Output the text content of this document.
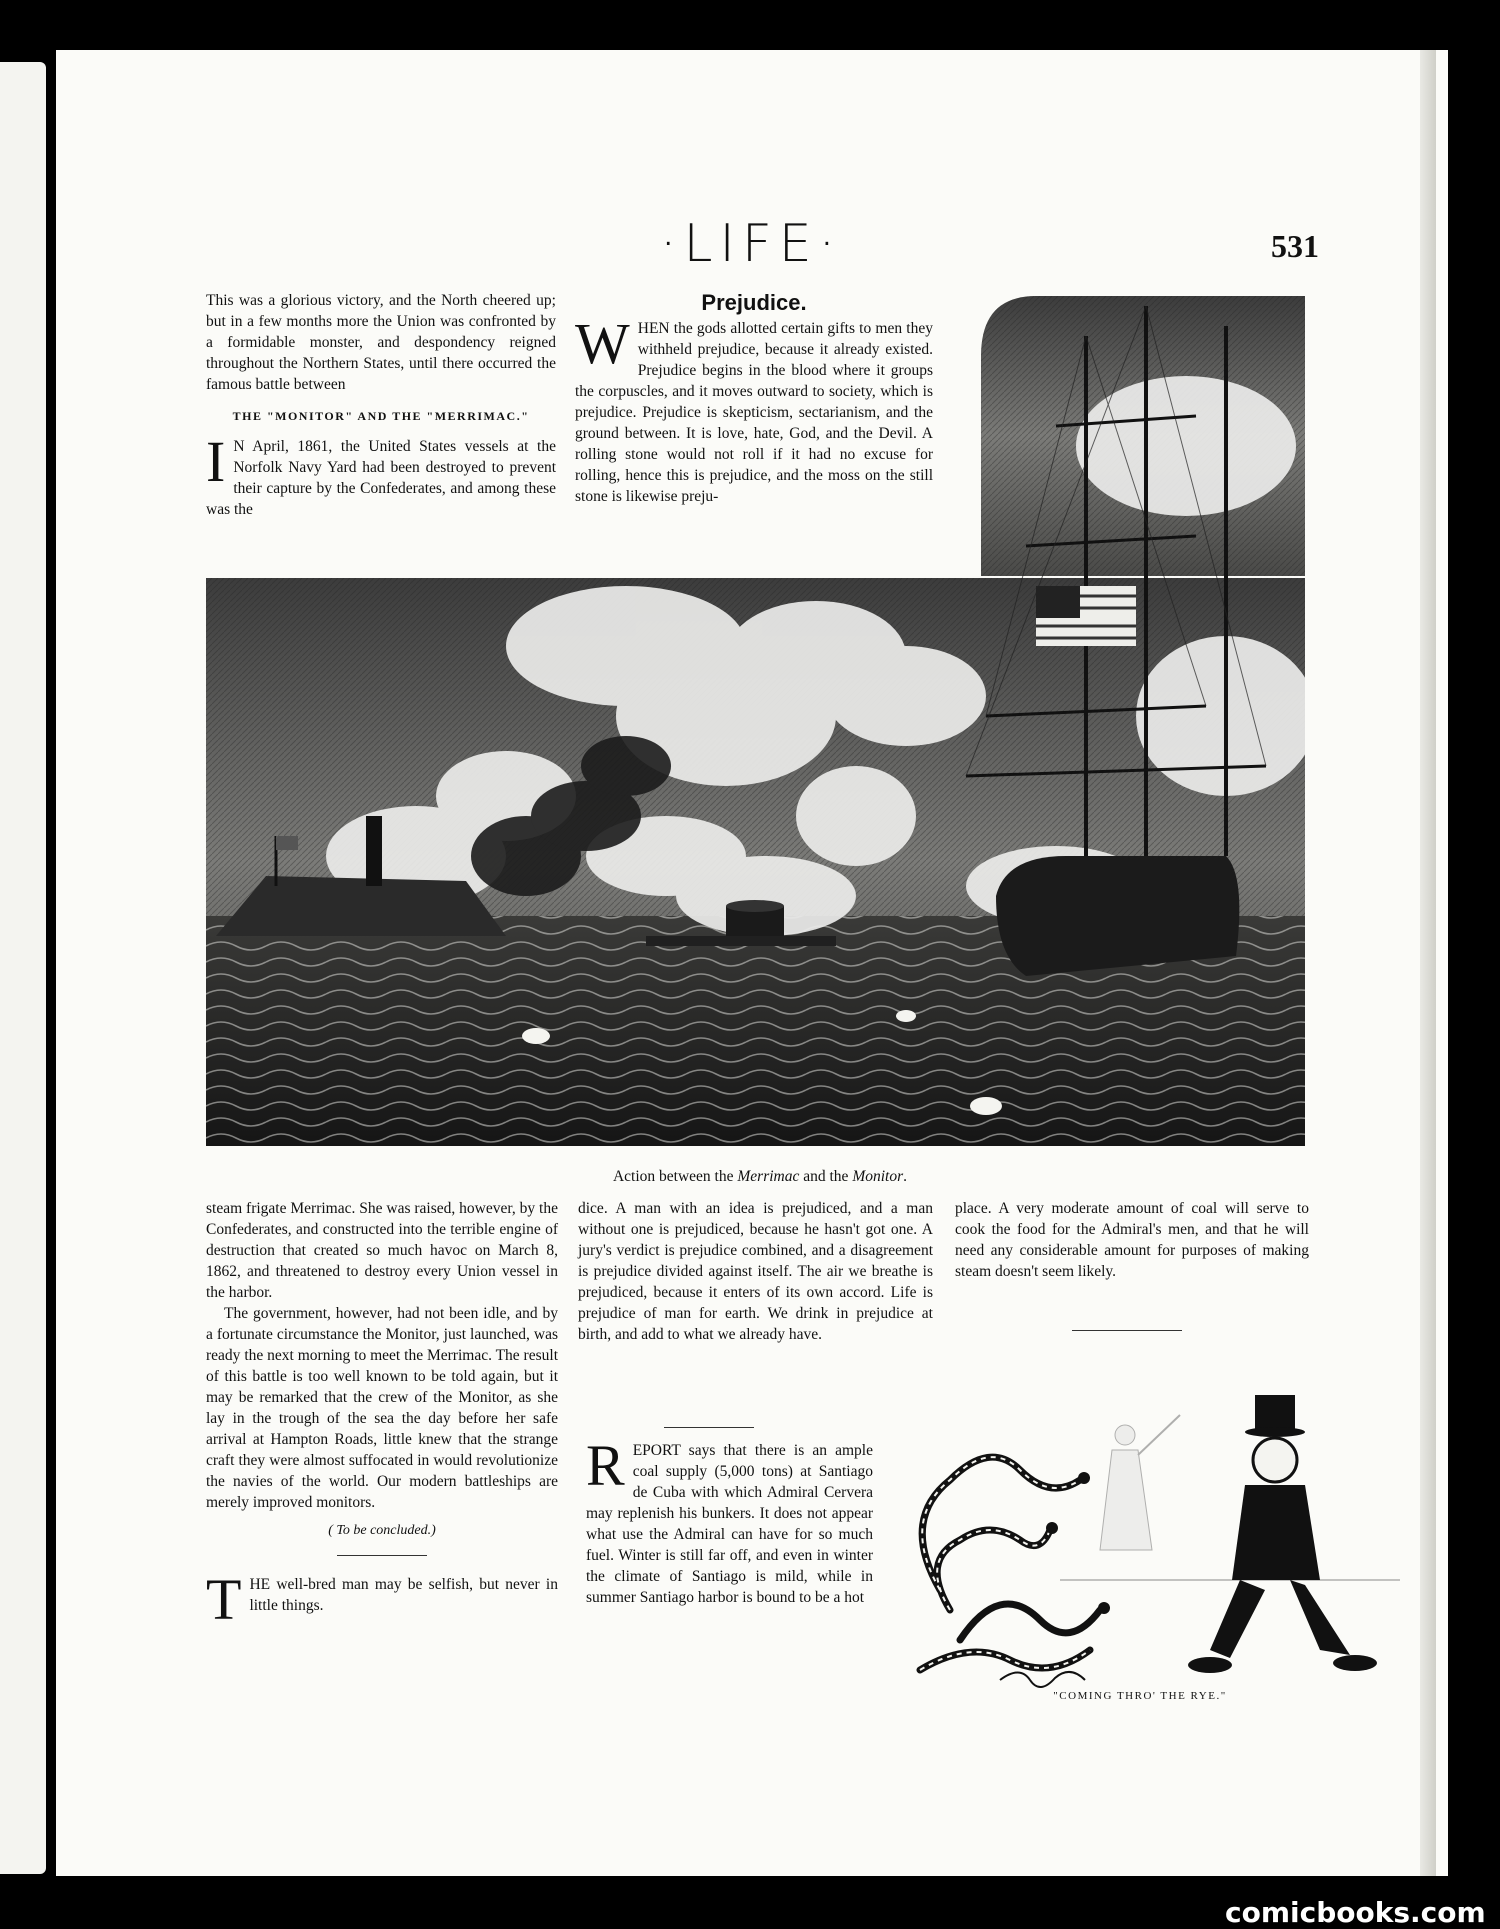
·LIFE·	531

This was a glorious victory, and the North cheered up; but in a few months more the Union was confronted by a formidable monster, and despondency reigned throughout the Northern States, until there occurred the famous battle between

THE "MONITOR" AND THE "MERRIMAC."
I N April, 1861, the United States vessels at the Norfolk Navy Yard had been destroyed to prevent their capture by the Confederates, and among these was the

Prejudice.
W HEN the gods allotted certain gifts to men they withheld prejudice, because it already existed. Prejudice begins in the blood where it groups the corpuscles, and it moves outward to society, which is prejudice. Prejudice is skepticism, sectarianism, and the ground between. It is love, hate, God, and the Devil. A rolling stone would not roll if it had no excuse for rolling, hence this is prejudice, and the moss on the still stone is likewise preju-

Action between the Merrimac and the Monitor.

steam frigate Merrimac. She was raised, however, by the Confederates, and constructed into the terrible engine of destruction that created so much havoc on March 8, 1862, and threatened to destroy every Union vessel in the harbor.

The government, however, had not been idle, and by a fortunate circumstance the Monitor, just launched, was ready the next morning to meet the Merrimac. The result of this battle is too well known to be told again, but it may be remarked that the crew of the Monitor, as she lay in the trough of the sea the day before her safe arrival at Hampton Roads, little knew that the strange craft they were almost suffocated in would revolutionize the navies of the world. Our modern battleships are merely improved monitors.

( To be concluded.)
T HE well-bred man may be selfish, but never in little things.

dice. A man with an idea is prejudiced, and a man without one is prejudiced, because he hasn't got one. A jury's verdict is prejudice combined, and a disagreement is prejudice divided against itself. The air we breathe is prejudiced, because it enters of its own accord. Life is prejudice of man for earth. We drink in prejudice at birth, and add to what we already have.

R EPORT says that there is an ample coal supply (5,000 tons) at Santiago de Cuba with which Admiral Cervera may replenish his bunkers. It does not appear what use the Admiral can have for so much fuel. Winter is still far off, and even in winter the climate of Santiago is mild, while in summer Santiago harbor is bound to be a hot

place. A very moderate amount of coal will serve to cook the food for the Admiral's men, and that he will need any considerable amount for purposes of making steam doesn't seem likely.

"COMING THRO' THE RYE."
comicbooks.com
